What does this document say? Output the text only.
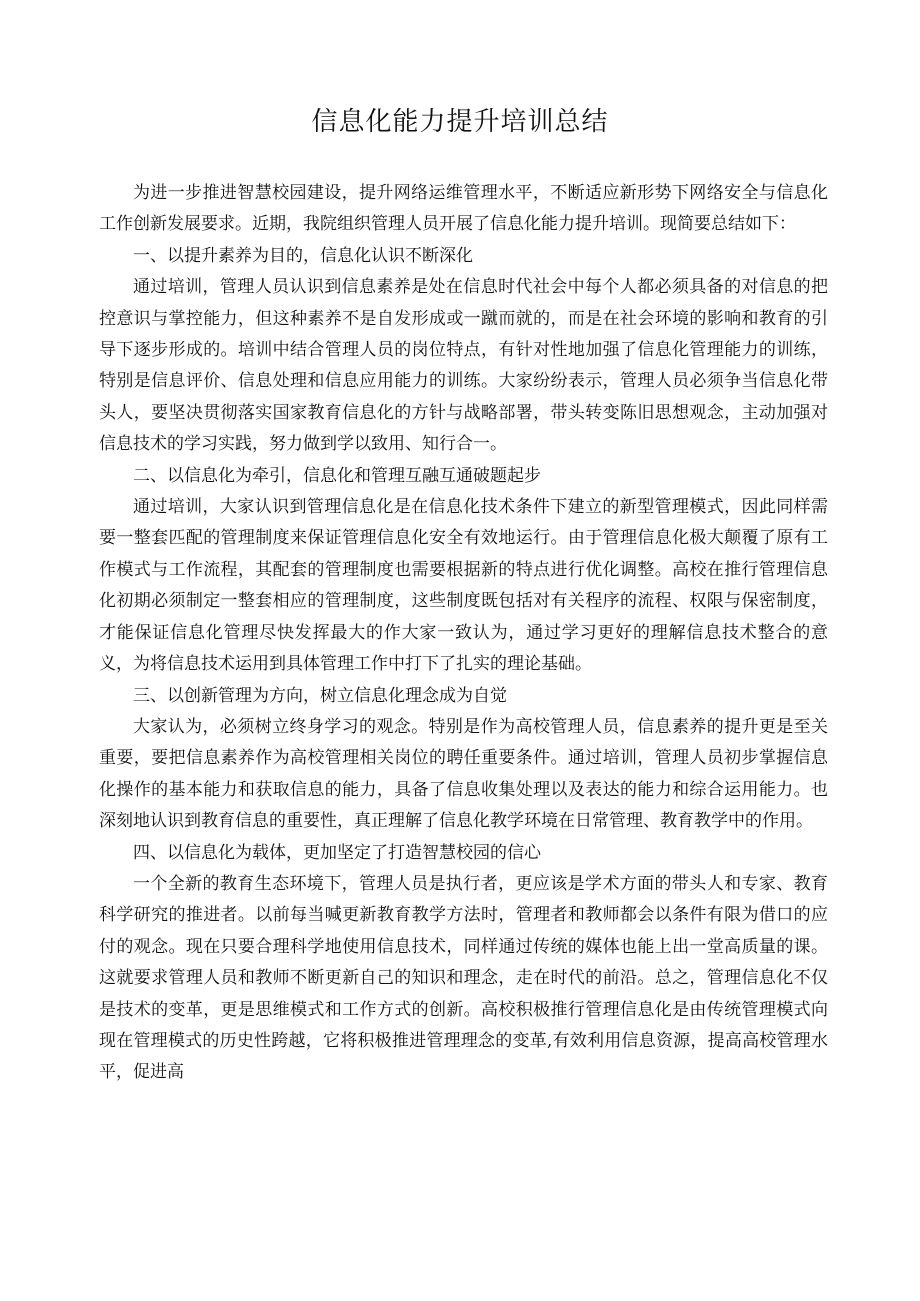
信息化能力提升培训总结

为进一步推进智慧校园建设，提升网络运维管理水平，不断适应新形势下网络安全与信息化工作创新发展要求。近期，我院组织管理人员开展了信息化能力提升培训。现简要总结如下：

一、以提升素养为目的，信息化认识不断深化

通过培训，管理人员认识到信息素养是处在信息时代社会中每个人都必须具备的对信息的把控意识与掌控能力，但这种素养不是自发形成或一蹴而就的，而是在社会环境的影响和教育的引导下逐步形成的。培训中结合管理人员的岗位特点，有针对性地加强了信息化管理能力的训练，特别是信息评价、信息处理和信息应用能力的训练。大家纷纷表示，管理人员必须争当信息化带头人，要坚决贯彻落实国家教育信息化的方针与战略部署，带头转变陈旧思想观念，主动加强对信息技术的学习实践，努力做到学以致用、知行合一。

二、以信息化为牵引，信息化和管理互融互通破题起步

通过培训，大家认识到管理信息化是在信息化技术条件下建立的新型管理模式，因此同样需要一整套匹配的管理制度来保证管理信息化安全有效地运行。由于管理信息化极大颠覆了原有工作模式与工作流程，其配套的管理制度也需要根据新的特点进行优化调整。高校在推行管理信息化初期必须制定一整套相应的管理制度，这些制度既包括对有关程序的流程、权限与保密制度，才能保证信息化管理尽快发挥最大的作大家一致认为，通过学习更好的理解信息技术整合的意义，为将信息技术运用到具体管理工作中打下了扎实的理论基础。

三、以创新管理为方向，树立信息化理念成为自觉

大家认为，必须树立终身学习的观念。特别是作为高校管理人员，信息素养的提升更是至关重要，要把信息素养作为高校管理相关岗位的聘任重要条件。通过培训，管理人员初步掌握信息化操作的基本能力和获取信息的能力，具备了信息收集处理以及表达的能力和综合运用能力。也深刻地认识到教育信息的重要性，真正理解了信息化教学环境在日常管理、教育教学中的作用。

四、以信息化为载体，更加坚定了打造智慧校园的信心

一个全新的教育生态环境下，管理人员是执行者，更应该是学术方面的带头人和专家、教育科学研究的推进者。以前每当喊更新教育教学方法时，管理者和教师都会以条件有限为借口的应付的观念。现在只要合理科学地使用信息技术，同样通过传统的媒体也能上出一堂高质量的课。这就要求管理人员和教师不断更新自己的知识和理念，走在时代的前沿。总之，管理信息化不仅是技术的变革，更是思维模式和工作方式的创新。高校积极推行管理信息化是由传统管理模式向现在管理模式的历史性跨越，它将积极推进管理理念的变革,有效利用信息资源，提高高校管理水平，促进高
